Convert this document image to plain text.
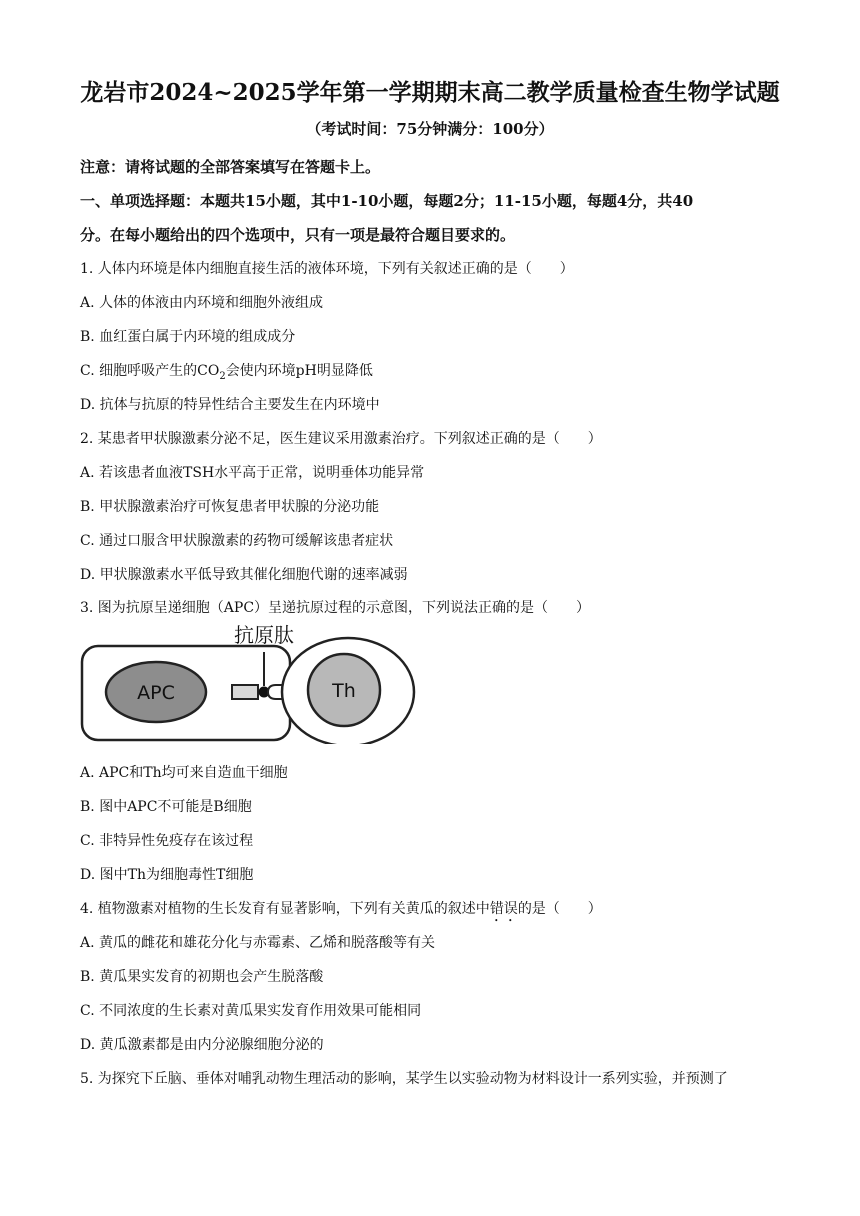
龙岩市2024~2025学年第一学期期末高二教学质量检查生物学试题
（考试时间：75分钟满分：100分）
注意：请将试题的全部答案填写在答题卡上。
一、单项选择题：本题共15小题，其中1-10小题，每题2分；11-15小题，每题4分，共40
分。在每小题给出的四个选项中，只有一项是最符合题目要求的。
1. 人体内环境是体内细胞直接生活的液体环境，下列有关叙述正确的是（　　）
A. 人体的体液由内环境和细胞外液组成
B. 血红蛋白属于内环境的组成成分
C. 细胞呼吸产生的$CO_2$会使内环境pH明显降低
D. 抗体与抗原的特异性结合主要发生在内环境中
2. 某患者甲状腺激素分泌不足，医生建议采用激素治疗。下列叙述正确的是（　　）
A. 若该患者血液TSH水平高于正常，说明垂体功能异常
B. 甲状腺激素治疗可恢复患者甲状腺的分泌功能
C. 通过口服含甲状腺激素的药物可缓解该患者症状
D. 甲状腺激素水平低导致其催化细胞代谢的速率减弱
3. 图为抗原呈递细胞（APC）呈递抗原过程的示意图，下列说法正确的是（　　）
APC	Th
抗原肽
A. APC和Th均可来自造血干细胞
B. 图中APC不可能是B细胞
C. 非特异性免疫存在该过程
D. 图中Th为细胞毒性T细胞
4. 植物激素对植物的生长发育有显著影响，下列有关黄瓜的叙述中错误的是（　　）
A. 黄瓜的雌花和雄花分化与赤霉素、乙烯和脱落酸等有关
B. 黄瓜果实发育的初期也会产生脱落酸
C. 不同浓度的生长素对黄瓜果实发育作用效果可能相同
D. 黄瓜激素都是由内分泌腺细胞分泌的
5. 为探究下丘脑、垂体对哺乳动物生理活动的影响，某学生以实验动物为材料设计一系列实验，并预测了
